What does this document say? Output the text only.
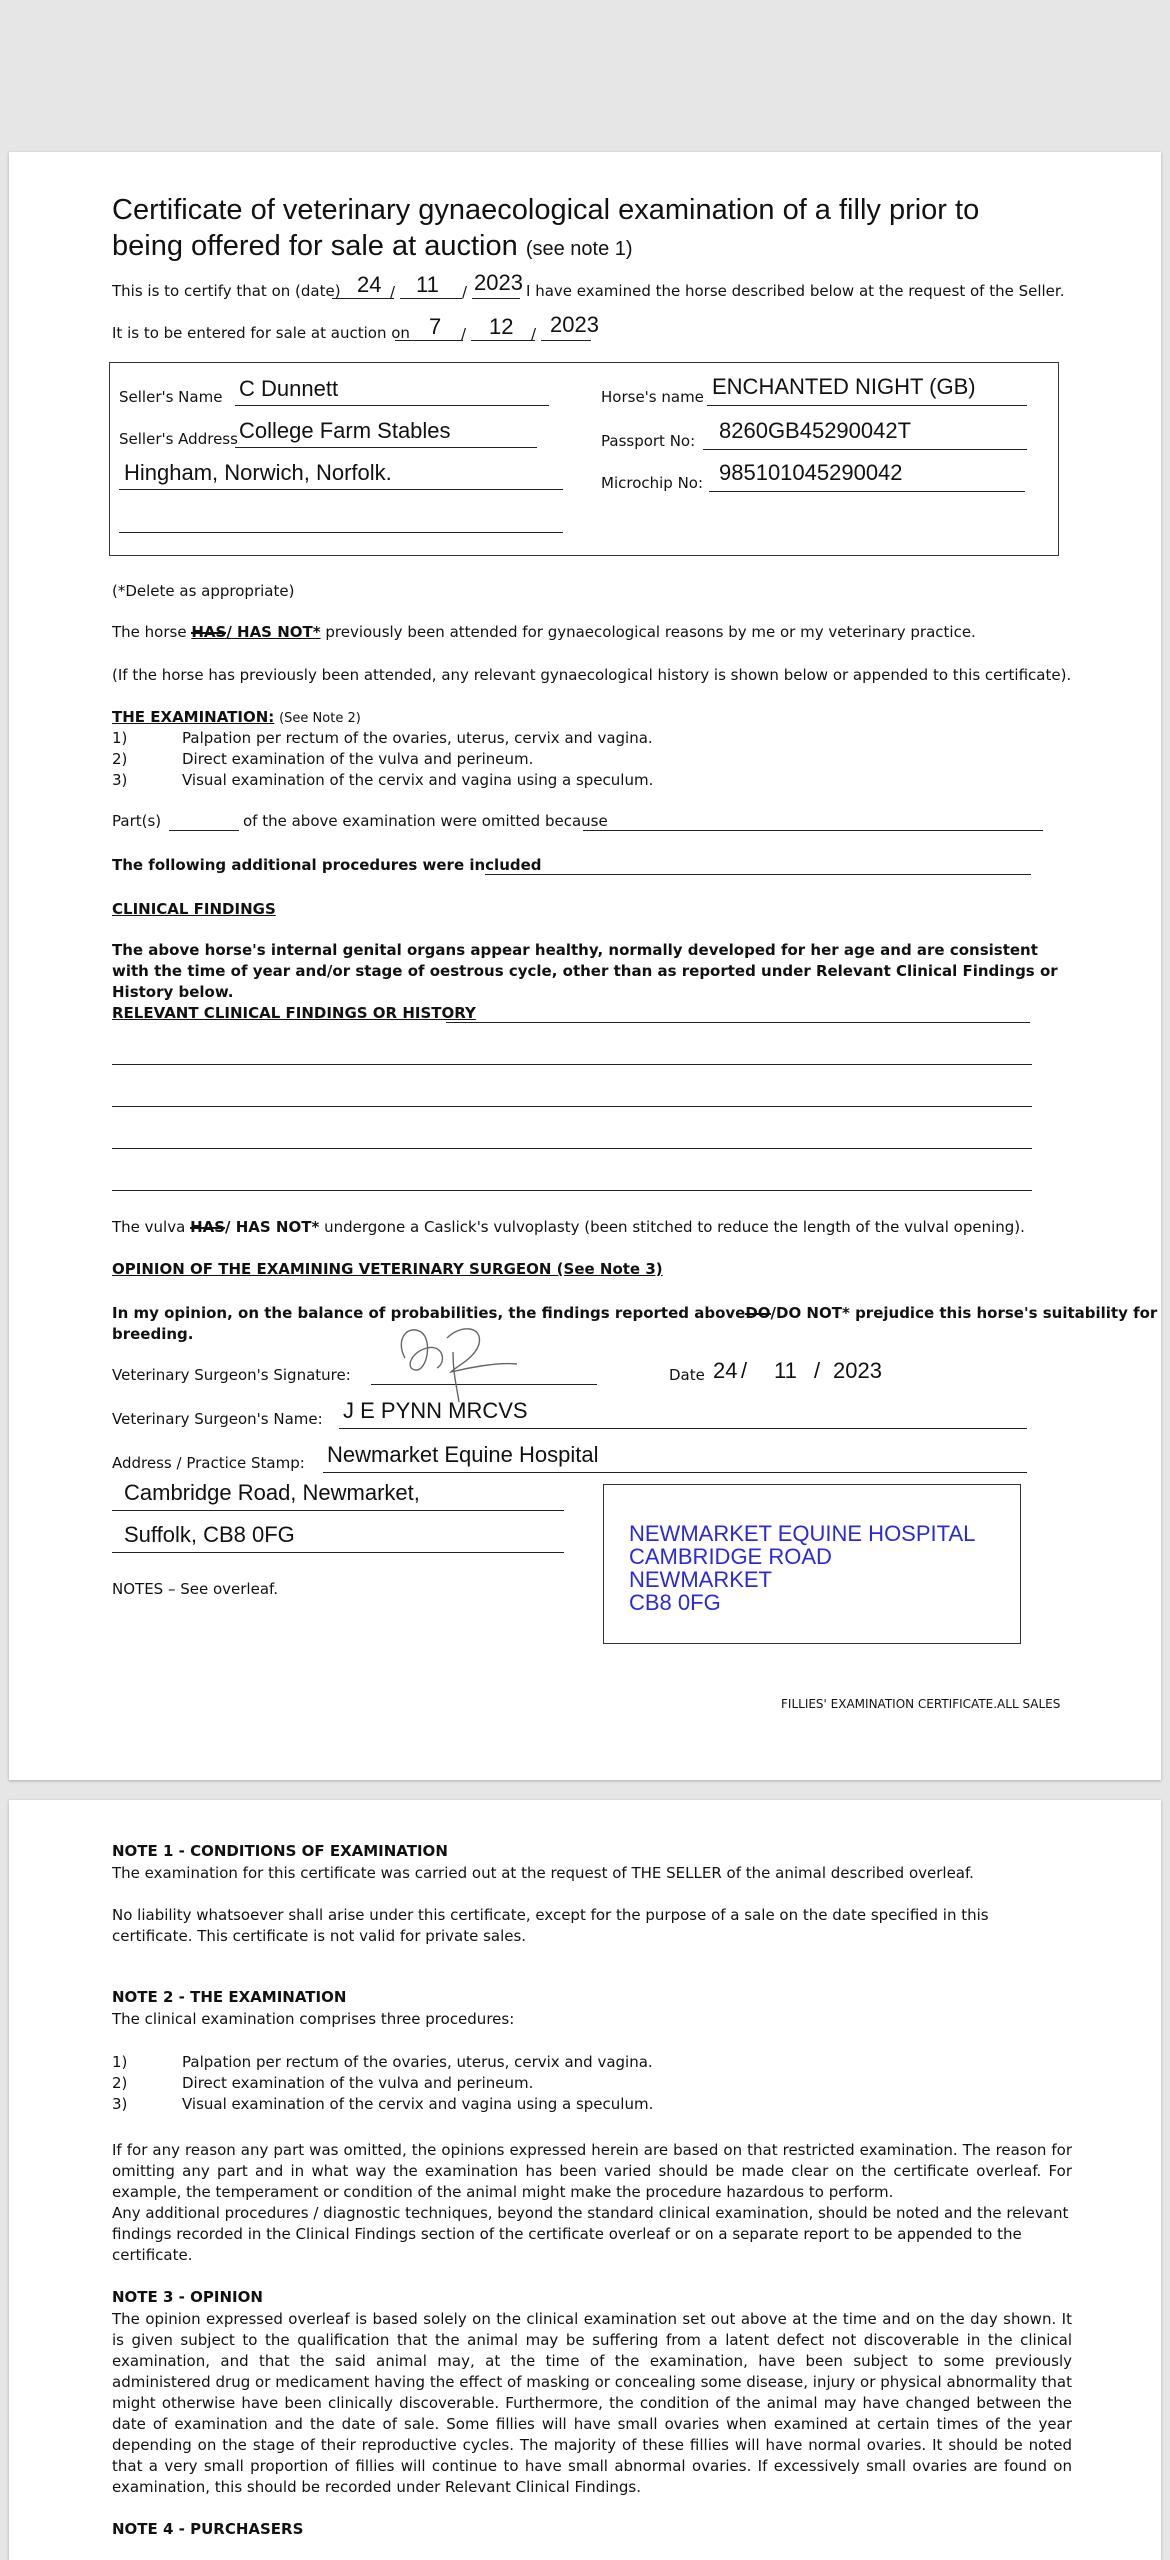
Certificate of veterinary gynaecological examination of a filly prior to
being offered for sale at auction (see note 1)
This is to certify that on (date) 24 / 11 / 2023 I have examined the horse described below at the request of the Seller.
It is to be entered for sale at auction on 7 / 12 / 2023
Seller's Name C Dunnett
Seller's Address College Farm Stables
Hingham, Norwich, Norfolk.
Horse's name ENCHANTED NIGHT (GB)
Passport No: 8260GB45290042T
Microchip No: 985101045290042
(*Delete as appropriate)
The horse HAS/ HAS NOT* previously been attended for gynaecological reasons by me or my veterinary practice.
(If the horse has previously been attended, any relevant gynaecological history is shown below or appended to this certificate).
THE EXAMINATION: (See Note 2)
1)	Palpation per rectum of the ovaries, uterus, cervix and vagina.
2)	Direct examination of the vulva and perineum.
3)	Visual examination of the cervix and vagina using a speculum.
Part(s)	of the above examination were omitted because
The following additional procedures were included
CLINICAL FINDINGS
The above horse's internal genital organs appear healthy, normally developed for her age and are consistent with the time of year and/or stage of oestrous cycle, other than as reported under Relevant Clinical Findings or History below.
RELEVANT CLINICAL FINDINGS OR HISTORY
The vulva HAS/ HAS NOT* undergone a Caslick's vulvoplasty (been stitched to reduce the length of the vulval opening).
OPINION OF THE EXAMINING VETERINARY SURGEON (See Note 3)
In my opinion, on the balance of probabilities, the findings reported aboveDO/DO NOT* prejudice this horse's suitability for
breeding.
Veterinary Surgeon's Signature:	Date 24 / 11 / 2023
Veterinary Surgeon's Name: J E PYNN MRCVS
Address / Practice Stamp: Newmarket Equine Hospital
Cambridge Road, Newmarket,
Suffolk, CB8 0FG
NOTES – See overleaf.
NEWMARKET EQUINE HOSPITAL
CAMBRIDGE ROAD
NEWMARKET
CB8 0FG
FILLIES' EXAMINATION CERTIFICATE.ALL SALES
NOTE 1 - CONDITIONS OF EXAMINATION
The examination for this certificate was carried out at the request of THE SELLER of the animal described overleaf.
No liability whatsoever shall arise under this certificate, except for the purpose of a sale on the date specified in this certificate. This certificate is not valid for private sales.
NOTE 2 - THE EXAMINATION
The clinical examination comprises three procedures:
1)	Palpation per rectum of the ovaries, uterus, cervix and vagina.
2)	Direct examination of the vulva and perineum.
3)	Visual examination of the cervix and vagina using a speculum.
If for any reason any part was omitted, the opinions expressed herein are based on that restricted examination. The reason for omitting any part and in what way the examination has been varied should be made clear on the certificate overleaf. For example, the temperament or condition of the animal might make the procedure hazardous to perform.
Any additional procedures / diagnostic techniques, beyond the standard clinical examination, should be noted and the relevant findings recorded in the Clinical Findings section of the certificate overleaf or on a separate report to be appended to the certificate.
NOTE 3 - OPINION
The opinion expressed overleaf is based solely on the clinical examination set out above at the time and on the day shown. It is given subject to the qualification that the animal may be suffering from a latent defect not discoverable in the clinical examination, and that the said animal may, at the time of the examination, have been subject to some previously administered drug or medicament having the effect of masking or concealing some disease, injury or physical abnormality that might otherwise have been clinically discoverable. Furthermore, the condition of the animal may have changed between the date of examination and the date of sale. Some fillies will have small ovaries when examined at certain times of the year depending on the stage of their reproductive cycles. The majority of these fillies will have normal ovaries. It should be noted that a very small proportion of fillies will continue to have small abnormal ovaries. If excessively small ovaries are found on examination, this should be recorded under Relevant Clinical Findings.
NOTE 4 - PURCHASERS
